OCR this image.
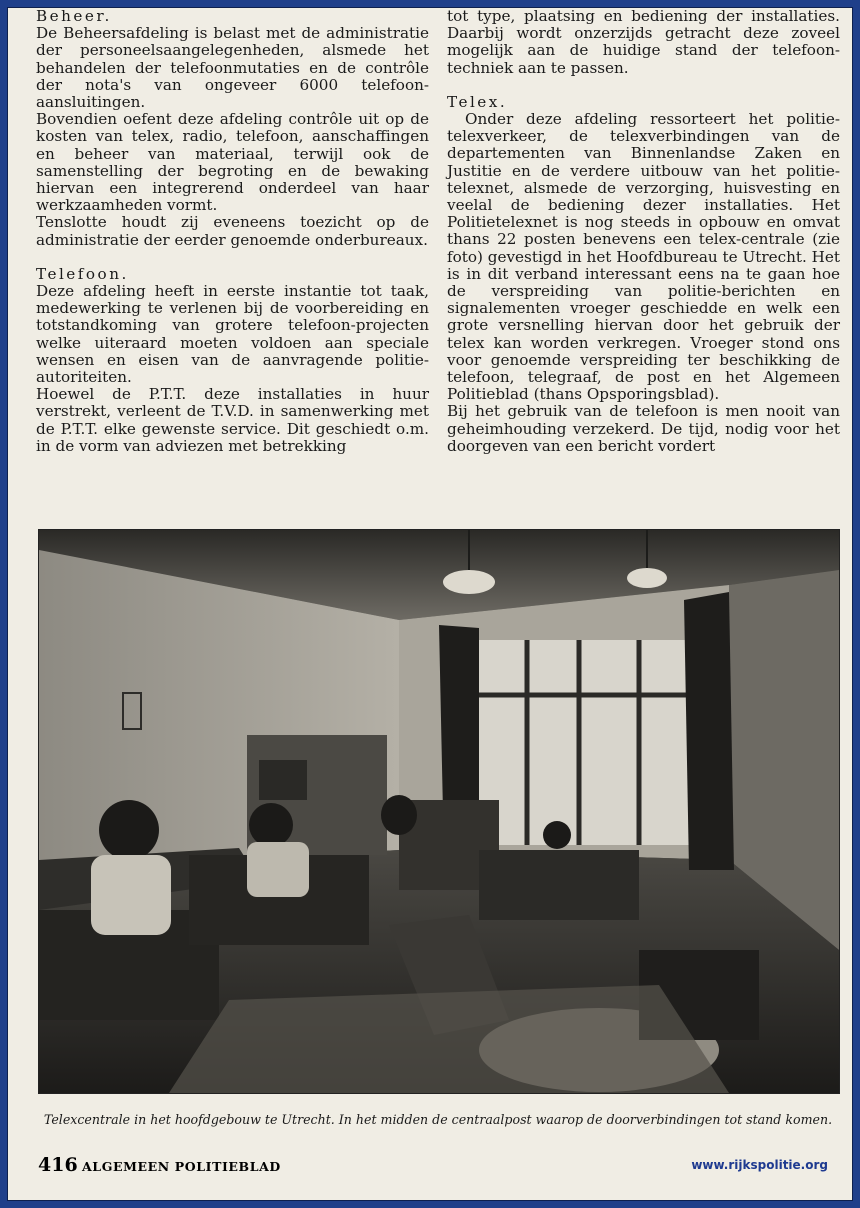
Beheer.

De Beheersafdeling is belast met de administratie der personeelsaangelegenheden, alsmede het behandelen der telefoonmutaties en de contrôle der nota's van ongeveer 6000 telefoon-aansluitingen.

Bovendien oefent deze afdeling contrôle uit op de kosten van telex, radio, telefoon, aanschaffingen en beheer van materiaal, terwijl ook de samenstelling der begroting en de bewaking hiervan een integrerend onderdeel van haar werkzaamheden vormt.

Tenslotte houdt zij eveneens toezicht op de administratie der eerder genoemde onderbureaux.

Telefoon.

Deze afdeling heeft in eerste instantie tot taak, medewerking te verlenen bij de voorbereiding en totstandkoming van grotere telefoon-projecten welke uiteraard moeten voldoen aan speciale wensen en eisen van de aanvragende politie-autoriteiten.

Hoewel de P.T.T. deze installaties in huur verstrekt, verleent de T.V.D. in samenwerking met de P.T.T. elke gewenste service. Dit geschiedt o.m. in de vorm van adviezen met betrekking

tot type, plaatsing en bediening der installaties. Daarbij wordt onzerzijds getracht deze zoveel mogelijk aan de huidige stand der telefoon-techniek aan te passen.

Telex.

Onder deze afdeling ressorteert het politie-telexverkeer, de telexverbindingen van de departementen van Binnenlandse Zaken en Justitie en de verdere uitbouw van het politie-telexnet, alsmede de verzorging, huisvesting en veelal de bediening dezer installaties. Het Politietelexnet is nog steeds in opbouw en omvat thans 22 posten benevens een telex-centrale (zie foto) gevestigd in het Hoofdbureau te Utrecht. Het is in dit verband interessant eens na te gaan hoe de verspreiding van politie-berichten en signalementen vroeger geschiedde en welk een grote versnelling hiervan door het gebruik der telex kan worden verkregen. Vroeger stond ons voor genoemde verspreiding ter beschikking de telefoon, telegraaf, de post en het Algemeen Politieblad (thans Opsporingsblad).

Bij het gebruik van de telefoon is men nooit van geheimhouding verzekerd. De tijd, nodig voor het doorgeven van een bericht vordert

Telexcentrale in het hoofdgebouw te Utrecht. In het midden de centraalpost waarop de doorverbindingen tot stand komen.
416 ALGEMEEN POLITIEBLAD	www.rijkspolitie.org
